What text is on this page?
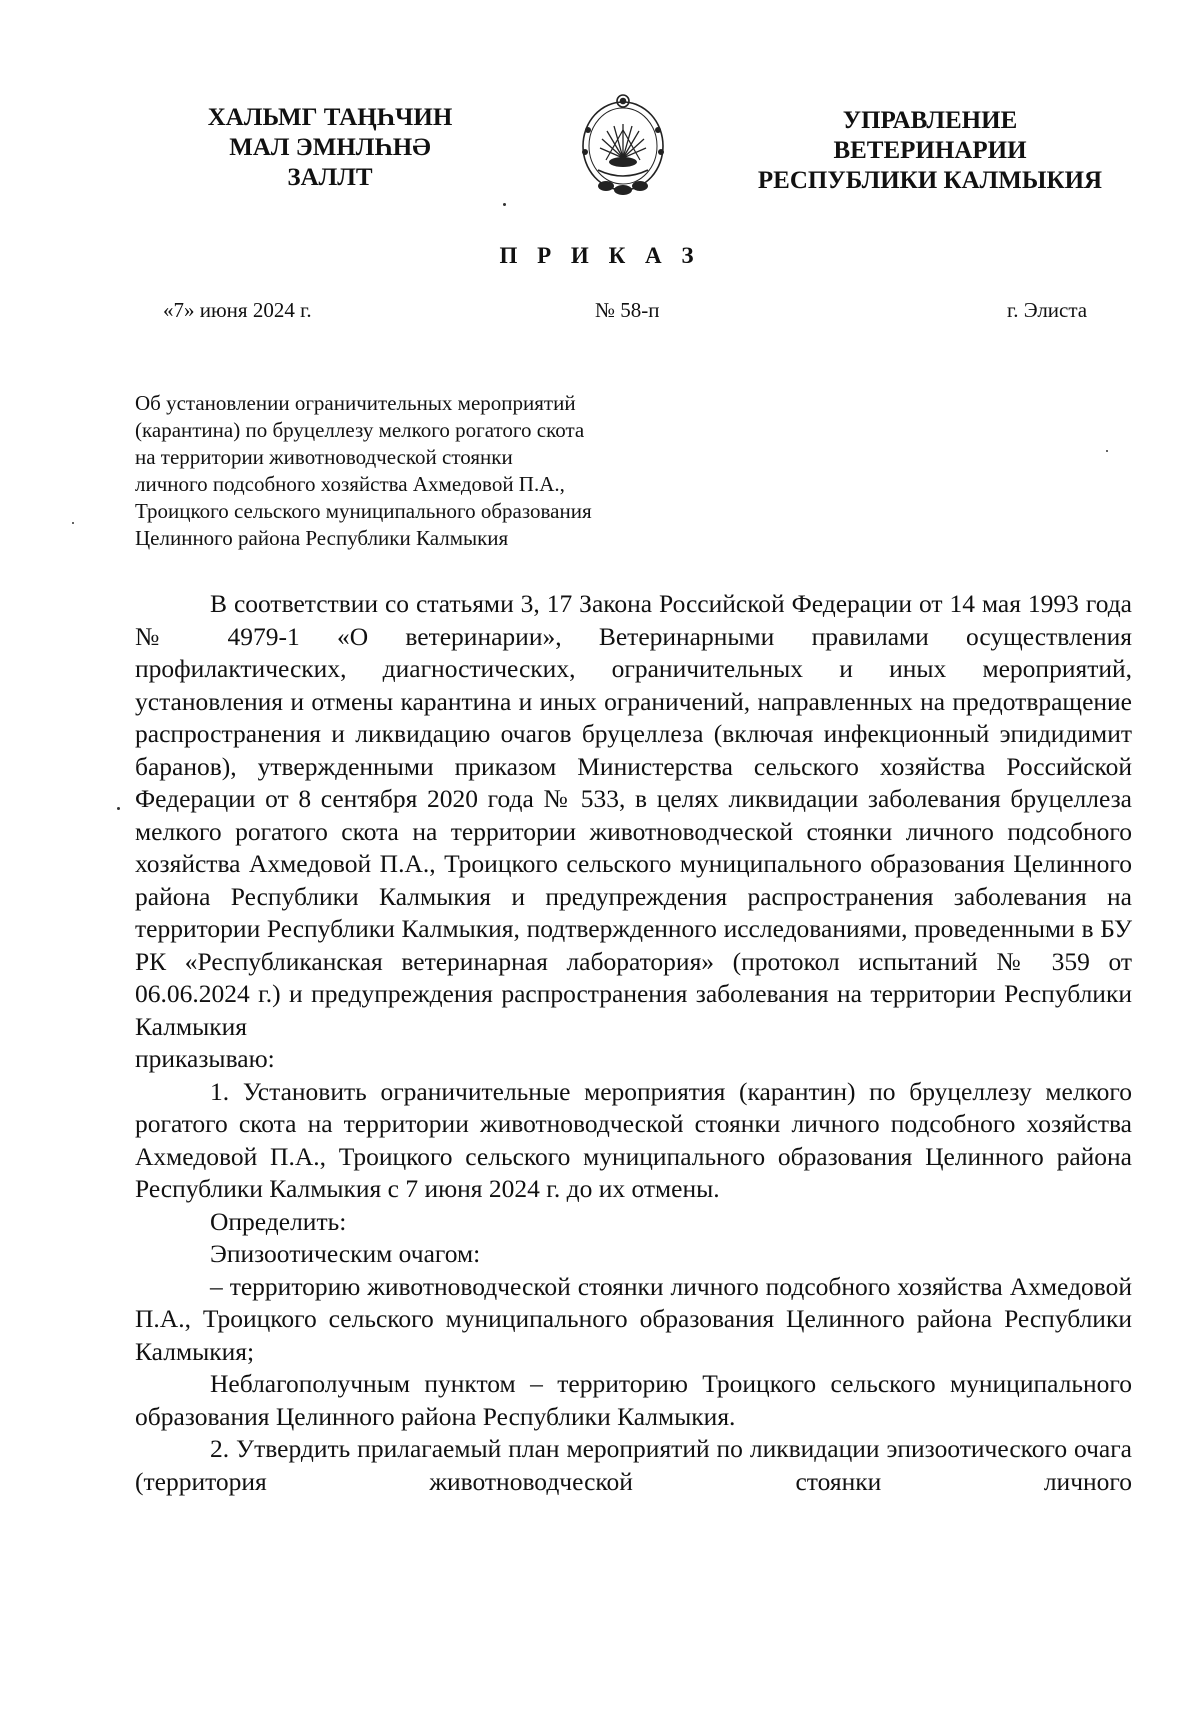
ХАЛЬМГ ТАҢҺЧИН
МАЛ ЭМНЛҺНӘ
ЗАЛЛТ
УПРАВЛЕНИЕ
ВЕТЕРИНАРИИ
РЕСПУБЛИКИ КАЛМЫКИЯ
П Р И К А З
«7» июня 2024 г.	№ 58-п	г. Элиста
Об установлении ограничительных мероприятий
(карантина) по бруцеллезу мелкого рогатого скота
на территории животноводческой стоянки
личного подсобного хозяйства Ахмедовой П.А.,
Троицкого сельского муниципального образования
Целинного района Республики Калмыкия

В соответствии со статьями 3, 17 Закона Российской Федерации от 14 мая 1993 года № 4979-1 «О ветеринарии», Ветеринарными правилами осуществления профилактических, диагностических, ограничительных и иных мероприятий, установления и отмены карантина и иных ограничений, направленных на предотвращение распространения и ликвидацию очагов бруцеллеза (включая инфекционный эпидидимит баранов), утвержденными приказом Министерства сельского хозяйства Российской Федерации от 8 сентября 2020 года № 533, в целях ликвидации заболевания бруцеллеза мелкого рогатого скота на территории животноводческой стоянки личного подсобного хозяйства Ахмедовой П.А., Троицкого сельского муниципального образования Целинного района Республики Калмыкия и предупреждения распространения заболевания на территории Республики Калмыкия, подтвержденного исследованиями, проведенными в БУ РК «Республиканская ветеринарная лаборатория» (протокол испытаний № 359 от 06.06.2024 г.) и предупреждения распространения заболевания на территории Республики Калмыкия

приказываю:

1. Установить ограничительные мероприятия (карантин) по бруцеллезу мелкого рогатого скота на территории животноводческой стоянки личного подсобного хозяйства Ахмедовой П.А., Троицкого сельского муниципального образования Целинного района Республики Калмыкия с 7 июня 2024 г. до их отмены.

Определить:

Эпизоотическим очагом:

– территорию животноводческой стоянки личного подсобного хозяйства Ахмедовой П.А., Троицкого сельского муниципального образования Целинного района Республики Калмыкия;

Неблагополучным пунктом – территорию Троицкого сельского муниципального образования Целинного района Республики Калмыкия.

2. Утвердить прилагаемый план мероприятий по ликвидации эпизоотического очага (территория животноводческой стоянки личного
